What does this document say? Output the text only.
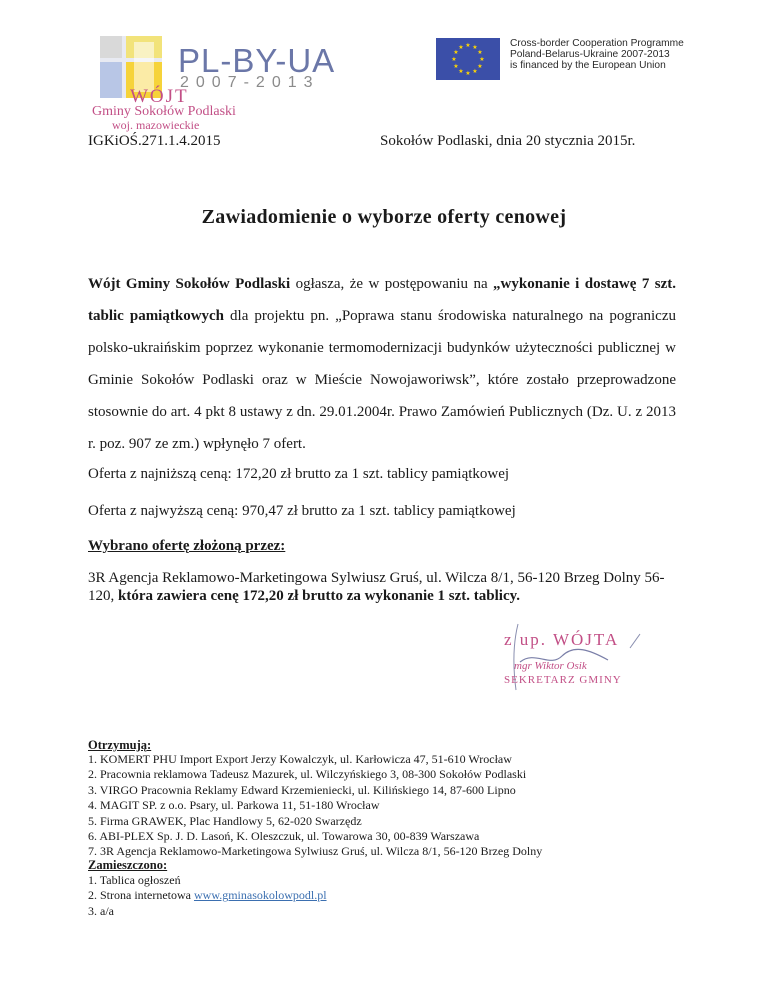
PL-BY-UA
2007-2013
WÓJT
Gminy Sokołów Podlaski
woj. mazowieckie
★ ★
★
★
★
★
★
★
★
★
★
★	Cross-border Cooperation Programme
Poland-Belarus-Ukraine 2007-2013
is financed by the European Union
IGKiOŚ.271.1.4.2015	Sokołów Podlaski, dnia 20 stycznia 2015r.
Zawiadomienie o wyborze oferty cenowej
Wójt Gminy Sokołów Podlaski ogłasza, że w postępowaniu na „wykonanie i dostawę 7 szt. tablic pamiątkowych dla projektu pn. „Poprawa stanu środowiska naturalnego na pograniczu polsko-ukraińskim poprzez wykonanie termomodernizacji budynków użyteczności publicznej w Gminie Sokołów Podlaski oraz w Mieście Nowojaworiwsk”, które zostało przeprowadzone stosownie do art. 4 pkt 8 ustawy z dn. 29.01.2004r. Prawo Zamówień Publicznych (Dz. U. z 2013 r. poz. 907 ze zm.) wpłynęło 7 ofert.
Oferta z najniższą ceną: 172,20 zł brutto za 1 szt. tablicy pamiątkowej
Oferta z najwyższą ceną: 970,47 zł brutto za 1 szt. tablicy pamiątkowej
Wybrano ofertę złożoną przez:
3R Agencja Reklamowo-Marketingowa Sylwiusz Gruś, ul. Wilcza 8/1, 56-120 Brzeg Dolny 56-120, która zawiera cenę 172,20 zł brutto za wykonanie 1 szt. tablicy.
z up. WÓJTA
mgr Wiktor Osik
SEKRETARZ GMINY
Otrzymują:
1. KOMERT PHU Import Export Jerzy Kowalczyk, ul. Karłowicza 47, 51-610 Wrocław
2. Pracownia reklamowa Tadeusz Mazurek, ul. Wilczyńskiego 3, 08-300 Sokołów Podlaski
3. VIRGO Pracownia Reklamy Edward Krzemieniecki, ul. Kilińskiego 14, 87-600 Lipno
4. MAGIT SP. z o.o. Psary, ul. Parkowa 11, 51-180 Wrocław
5. Firma GRAWEK, Plac Handlowy 5, 62-020 Swarzędz
6. ABI-PLEX Sp. J. D. Lasoń, K. Oleszczuk, ul. Towarowa 30, 00-839 Warszawa
7. 3R Agencja Reklamowo-Marketingowa Sylwiusz Gruś, ul. Wilcza 8/1, 56-120 Brzeg Dolny
Zamieszczono:
1. Tablica ogłoszeń
2. Strona internetowa www.gminasokolowpodl.pl
3. a/a
